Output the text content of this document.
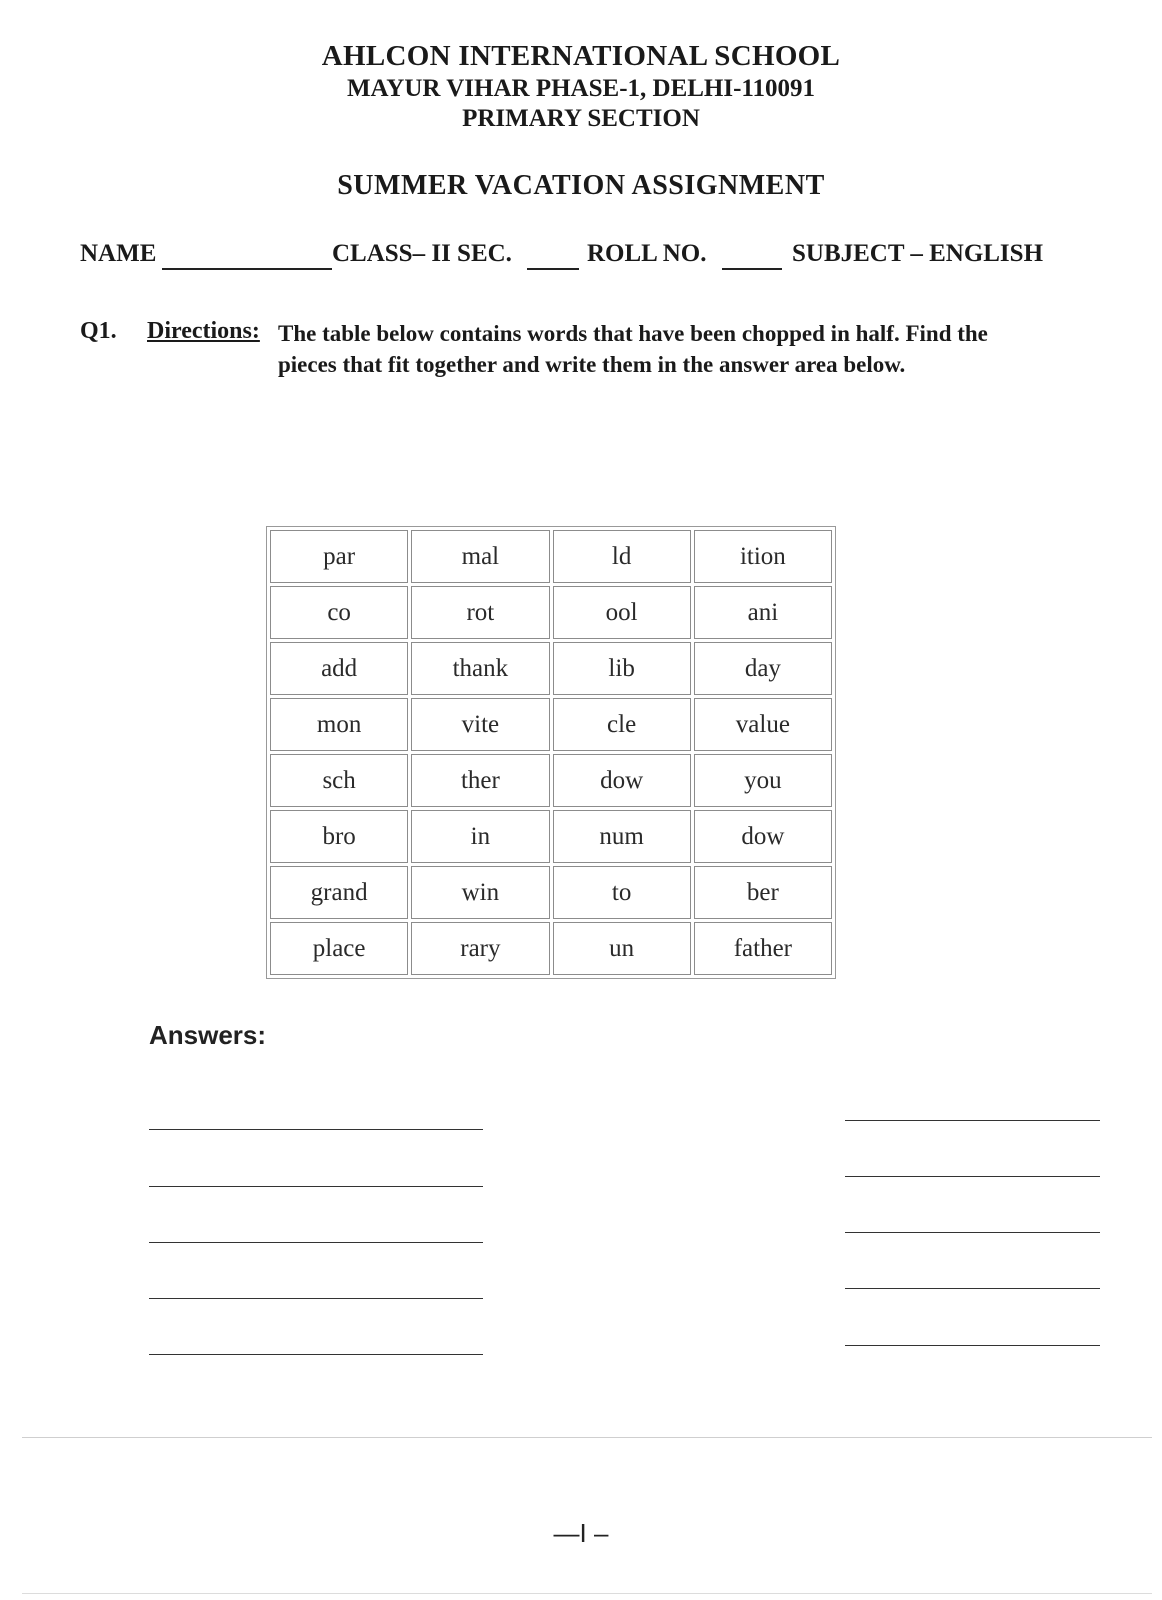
AHLCON INTERNATIONAL SCHOOL
MAYUR VIHAR PHASE-1, DELHI-110091
PRIMARY SECTION
SUMMER VACATION ASSIGNMENT
NAME	CLASS– II SEC.	ROLL NO.	SUBJECT – ENGLISH
Q1. Directions: The table below contains words that have been chopped in half. Find the pieces that fit together and write them in the answer area below.
par	mal	ld	ition
co	rot	ool	ani
add	thank	lib	day
mon	vite	cle	value
sch	ther	dow	you
bro	in	num	dow
grand	win	to	ber
place	rary	un	father
Answers:
—I –
